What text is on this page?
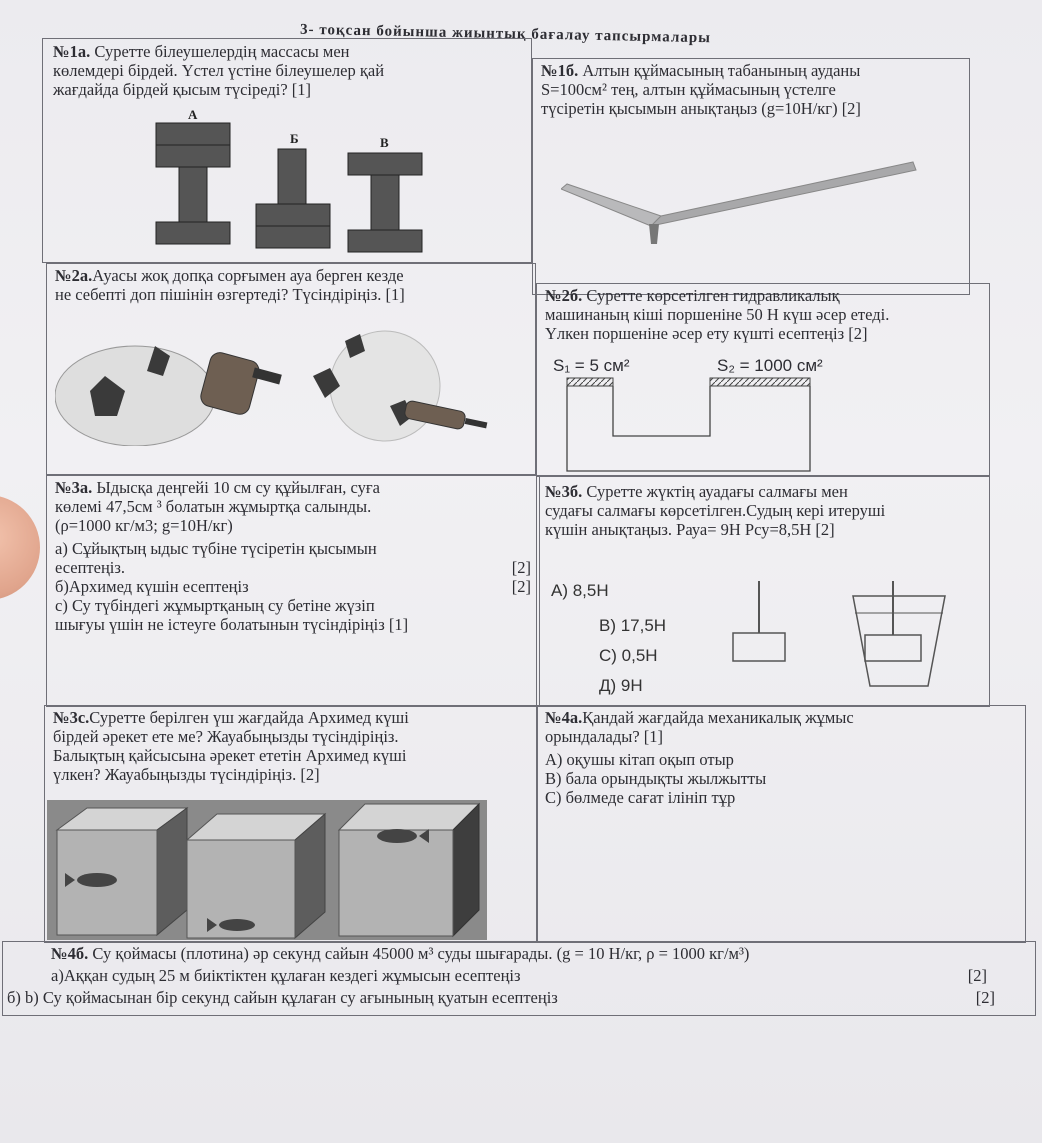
3- тоқсан бойынша жиынтық бағалау тапсырмалары

№1а. Суретте білеушелердің массасы мен

көлемдері бірдей. Үстел үстіне білеушелер қай

жағдайда бірдей қысым түсіреді? [1]

А
Б	В

№1б. Алтын құймасының табанының ауданы

S=100см² тең, алтын құймасының үстелге

түсіретін қысымын анықтаңыз (g=10Н/кг) [2]

№2а.Ауасы жоқ допқа сорғымен ауа берген кезде

не себепті доп пішінін өзгертеді? Түсіндіріңіз. [1]	№2б. Суретте көрсетілген гидравликалық

машинаның кіші поршеніне 50 Н күш әсер етеді.

Үлкен поршеніне әсер ету күшті есептеңіз [2]

S₁ = 5 см²	S₂ = 1000 см²

№3а. Ыдысқа деңгейі 10 см су құйылған, суға

көлемі 47,5см ³ болатын жұмыртқа салынды.

(ρ=1000 кг/м3; g=10Н/кг)

а) Сұйықтың ыдыс түбіне түсіретін қысымын

есептеңіз.	[2]

б)Архимед күшін есептеңіз	[2]

с) Су түбіндегі жұмыртқаның су бетіне жүзіп

шығуы үшін не істеуге болатынын түсіндіріңіз [1]

№3б. Суретте жүктің ауадағы салмағы мен

судағы салмағы көрсетілген.Судың кері итеруші

күшін анықтаңыз. Pауа= 9Н Pсу=8,5Н [2]

А) 8,5Н
В) 17,5Н
С) 0,5Н
Д) 9Н

№3с.Суретте берілген үш жағдайда Архимед күші

бірдей әрекет ете ме? Жауабыңызды түсіндіріңіз.

Балықтың қайсысына әрекет ететін Архимед күші

үлкен? Жауабыңызды түсіндіріңіз. [2]

№4а.Қандай жағдайда механикалық жұмыс

орындалады? [1]

А) оқушы кітап оқып отыр

В) бала орындықты жылжытты

С) бөлмеде сағат ілініп тұр

№4б. Су қоймасы (плотина) әр секунд сайын 45000 м³ суды шығарады. (g = 10 Н/кг, ρ = 1000 кг/м³)

а)Аққан судың 25 м биіктіктен құлаған кездегі жұмысын есептеңіз	[2]

б) b) Су қоймасынан бір секунд сайын құлаған су ағынының қуатын есептеңіз	[2]
